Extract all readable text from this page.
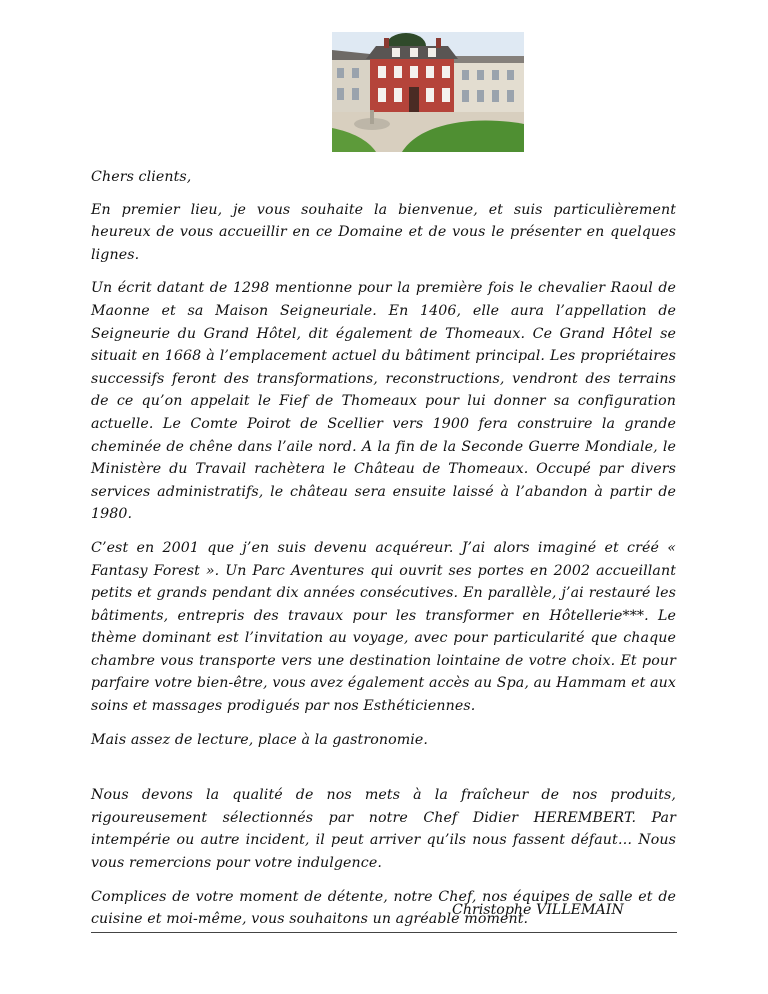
Chers clients,

En premier lieu, je vous souhaite la bienvenue, et suis particulièrement heureux de vous accueillir en ce Domaine et de vous le présenter en quelques lignes.

Un écrit datant de 1298 mentionne pour la première fois le chevalier Raoul de Maonne et sa Maison Seigneuriale. En 1406, elle aura l’appellation de Seigneurie du Grand Hôtel, dit également de Thomeaux. Ce Grand Hôtel se situait en 1668 à l’emplacement actuel du bâtiment principal. Les propriétaires successifs feront des transformations, reconstructions, vendront des terrains de ce qu’on appelait le Fief de Thomeaux pour lui donner sa configuration actuelle. Le Comte Poirot de Scellier vers 1900 fera construire la grande cheminée de chêne dans l’aile nord. A la fin de la Seconde Guerre Mondiale, le Ministère du Travail rachètera le Château de Thomeaux. Occupé par divers services administratifs, le château sera ensuite laissé à l’abandon à partir de 1980.

C’est en 2001 que j’en suis devenu acquéreur. J’ai alors imaginé et créé « Fantasy Forest ». Un Parc Aventures qui ouvrit ses portes en 2002 accueillant petits et grands pendant dix années consécutives. En parallèle, j’ai restauré les bâtiments, entrepris des travaux pour les transformer en Hôtellerie***. Le thème dominant est l’invitation au voyage, avec pour particularité que chaque chambre vous transporte vers une destination lointaine de votre choix. Et pour parfaire votre bien-être, vous avez également accès au Spa, au Hammam et aux soins et massages prodigués par nos Esthéticiennes.

Mais assez de lecture, place à la gastronomie.

Nous devons la qualité de nos mets à la fraîcheur de nos produits, rigoureusement sélectionnés par notre Chef Didier HEREMBERT. Par intempérie ou autre incident, il peut arriver qu’ils nous fassent défaut… Nous vous remercions pour votre indulgence.

Complices de votre moment de détente, notre Chef, nos équipes de salle et de cuisine et moi-même, vous souhaitons un agréable moment.

Christophe VILLEMAIN
